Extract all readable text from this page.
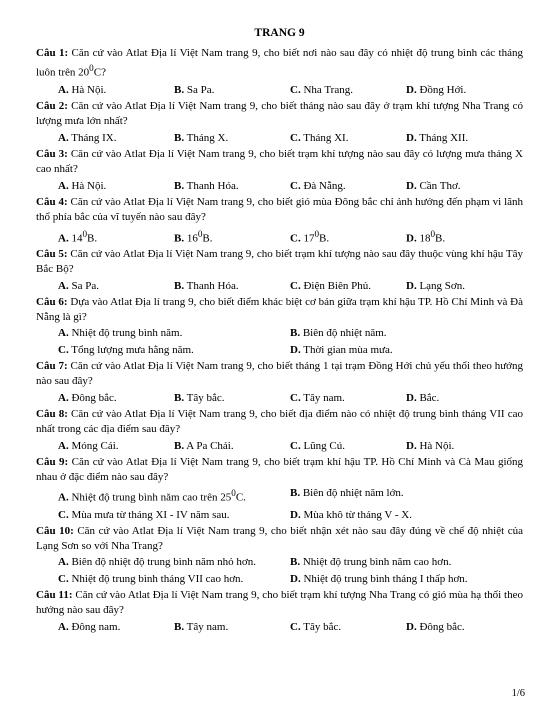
TRANG 9

Câu 1: Căn cứ vào Atlat Địa lí Việt Nam trang 9, cho biết nơi nào sau đây có nhiệt độ trung bình các tháng luôn trên $20^0C$?

A. Hà Nội.	B. Sa Pa.	C. Nha Trang.	D. Đồng Hới.

Câu 2: Căn cứ vào Atlat Địa lí Việt Nam trang 9, cho biết tháng nào sau đây ở trạm khí tượng Nha Trang có lượng mưa lớn nhất?

A. Tháng IX.	B. Tháng X.	C. Tháng XI.	D. Tháng XII.

Câu 3: Căn cứ vào Atlat Địa lí Việt Nam trang 9, cho biết trạm khí tượng nào sau đây có lượng mưa tháng X cao nhất?

A. Hà Nội.	B. Thanh Hóa.	C. Đà Nẵng.	D. Cần Thơ.

Câu 4: Căn cứ vào Atlat Địa lí Việt Nam trang 9, cho biết gió mùa Đông bắc chỉ ảnh hưởng đến phạm vi lãnh thổ phía bắc của vĩ tuyến nào sau đây?

A. $14^0B$.	B. $16^0B$.	C. $17^0B$.	D. $18^0B$.

Câu 5: Căn cứ vào Atlat Địa lí Việt Nam trang 9, cho biết trạm khí tượng nào sau đây thuộc vùng khí hậu Tây Bắc Bộ?

A. Sa Pa.	B. Thanh Hóa.	C. Điện Biên Phủ.	D. Lạng Sơn.

Câu 6: Dựa vào Atlat Địa lí trang 9, cho biết điểm khác biệt cơ bản giữa trạm khí hậu TP. Hồ Chí Minh và Đà Nẵng là gì?

A. Nhiệt độ trung bình năm.	B. Biên độ nhiệt năm.
C. Tổng lượng mưa hằng năm.	D. Thời gian mùa mưa.

Câu 7: Căn cứ vào Atlat Địa lí Việt Nam trang 9, cho biết tháng 1 tại trạm Đồng Hới chủ yếu thổi theo hướng nào sau đây?

A. Đông bắc.	B. Tây bắc.	C. Tây nam.	D. Bắc.

Câu 8: Căn cứ vào Atlat Địa lí Việt Nam trang 9, cho biết địa điểm nào có nhiệt độ trung bình tháng VII cao nhất trong các địa điểm sau đây?

A. Móng Cái.	B. A Pa Chải.	C. Lũng Cú.	D. Hà Nội.

Câu 9: Căn cứ vào Atlat Địa lí Việt Nam trang 9, cho biết trạm khí hậu TP. Hồ Chí Minh và Cà Mau giống nhau ở đặc điểm nào sau đây?

A. Nhiệt độ trung bình năm cao trên $25^0C$.	B. Biên độ nhiệt năm lớn.
C. Mùa mưa từ tháng XI - IV năm sau.	D. Mùa khô từ tháng V - X.

Câu 10: Căn cứ vào Atlat Địa lí Việt Nam trang 9, cho biết nhận xét nào sau đây đúng về chế độ nhiệt của Lạng Sơn so với Nha Trang?

A. Biên độ nhiệt độ trung bình năm nhỏ hơn.	B. Nhiệt độ trung bình năm cao hơn.
C. Nhiệt độ trung bình tháng VII cao hơn.	D. Nhiệt độ trung bình tháng I thấp hơn.

Câu 11: Căn cứ vào Atlat Địa lí Việt Nam trang 9, cho biết trạm khí tượng Nha Trang có gió mùa hạ thổi theo hướng nào sau đây?

A. Đông nam.	B. Tây nam.	C. Tây bắc.	D. Đông bắc.
1/6
